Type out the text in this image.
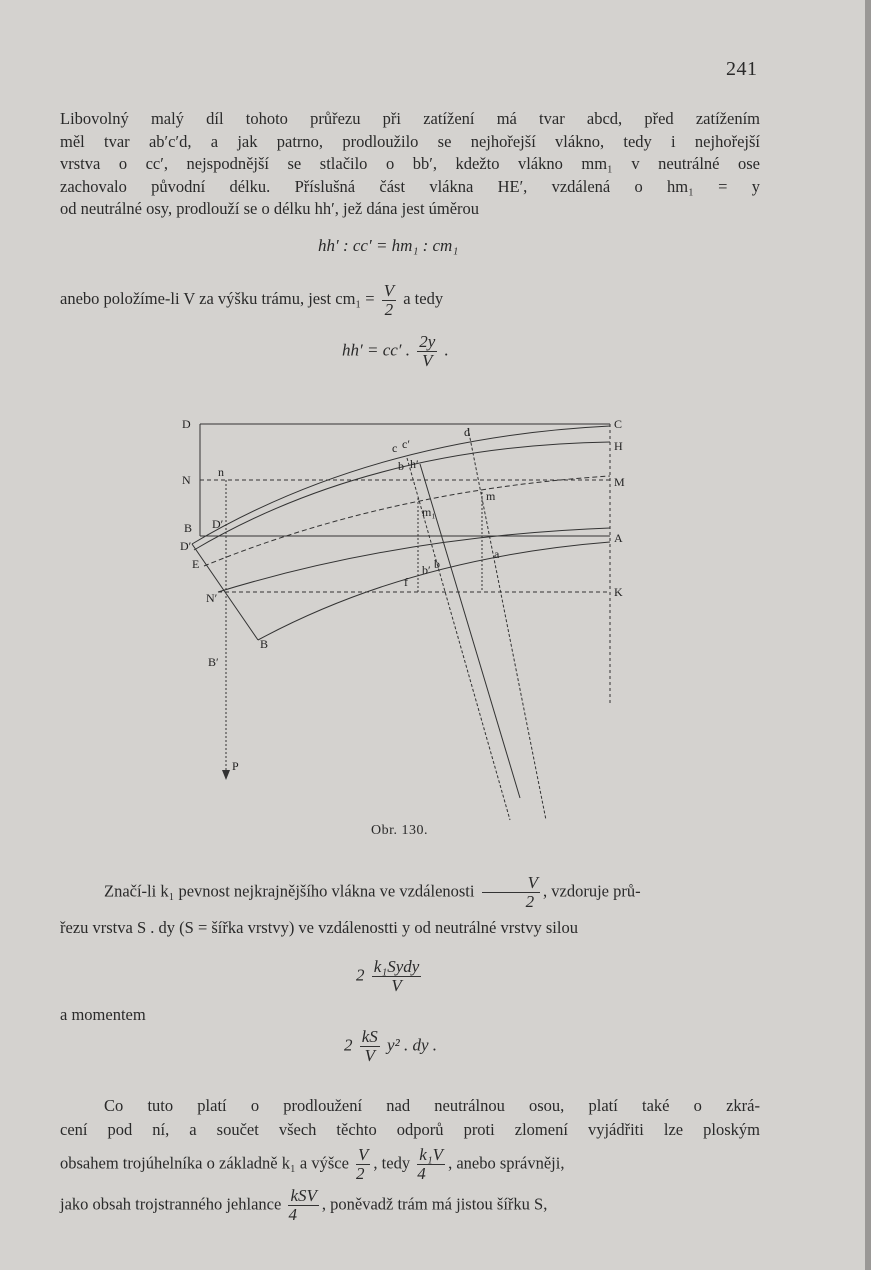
241
Libovolný malý díl tohoto průřezu při zatížení má tvar abcd, před zatížením
měl tvar ab′c′d, a jak patrno, prodloužilo se nejhořejší vlákno, tedy i nejhořejší
vrstva o cc′, nejspodnější se stlačilo o bb′, kdežto vlákno mm₁ v neutrálné ose
zachovalo původní délku. Příslušná část vlákna HE′, vzdálená o hm₁ = y
od neutrálné osy, prodlouží se o délku hh′, jež dána jest úměrou
hh′ : cc′ = hm₁ : cm₁
anebo položíme-li V za výšku trámu, jest $cm_1 = \frac{V}{2}$ a tedy
hh′ = cc′ . $\frac{2y}{V}$ .
D	C
H
N	M
B
A
D′
E
N′	K
B′
B
P
n
D′
c c′
d
b h′
m
m₁
a
f
b′ b
Obr. 130.
Značí-li k₁ pevnost nejkrajnějšího vlákna ve vzdálenosti $\frac{V}{2}$ , vzdoruje prů-
řezu vrstva S . dy (S = šířka vrstvy) ve vzdálenostti y od neutrálné vrstvy silou
$2 \frac{\text{k₁Sydy}}{V}$
a momentem
$2 \frac{kS}{V} y^2$ . dy .
Co tuto platí o prodloužení nad neutrálnou osou, platí také o zkrá-
cení pod ní, a součet všech těchto odporů proti zlomení vyjádřiti lze ploským
obsahem trojúhelníka o základně k₁ a výšce $\frac{V}{2}$ , tedy $\frac{\text{k₁V}}{4}$ , anebo správněji,
jako obsah trojstranného jehlance $\frac{\text{kSV}}{4}$ , poněvadž trám má jistou šířku S,
